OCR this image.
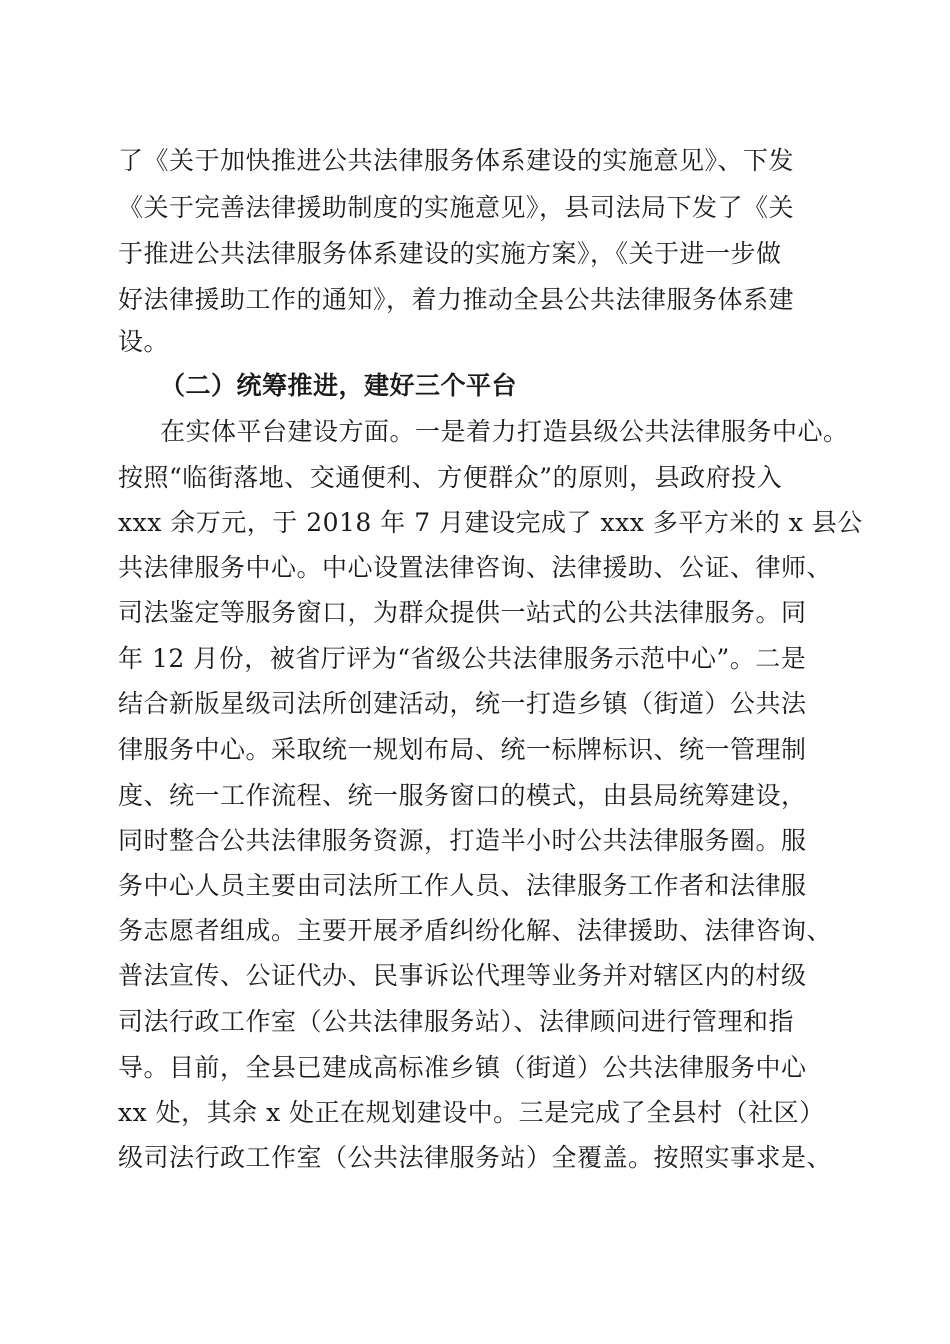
了《关于加快推进公共法律服务体系建设的实施意见》、下发
《关于完善法律援助制度的实施意见》，县司法局下发了《关
于推进公共法律服务体系建设的实施方案》，《关于进一步做
好法律援助工作的通知》，着力推动全县公共法律服务体系建
设。
（二）统筹推进，建好三个平台
在实体平台建设方面。一是着力打造县级公共法律服务中心。
按照“临街落地、交通便利、方便群众”的原则，县政府投入
xxx 余万元，于 2018 年 7 月建设完成了 xxx 多平方米的 x 县公
共法律服务中心。中心设置法律咨询、法律援助、公证、律师、
司法鉴定等服务窗口，为群众提供一站式的公共法律服务。同
年 12 月份，被省厅评为“省级公共法律服务示范中心”。二是
结合新版星级司法所创建活动，统一打造乡镇（街道）公共法
律服务中心。采取统一规划布局、统一标牌标识、统一管理制
度、统一工作流程、统一服务窗口的模式，由县局统筹建设，
同时整合公共法律服务资源，打造半小时公共法律服务圈。服
务中心人员主要由司法所工作人员、法律服务工作者和法律服
务志愿者组成。主要开展矛盾纠纷化解、法律援助、法律咨询、
普法宣传、公证代办、民事诉讼代理等业务并对辖区内的村级
司法行政工作室（公共法律服务站）、法律顾问进行管理和指
导。目前，全县已建成高标准乡镇（街道）公共法律服务中心
xx 处，其余 x 处正在规划建设中。三是完成了全县村（社区）
级司法行政工作室（公共法律服务站）全覆盖。按照实事求是、
